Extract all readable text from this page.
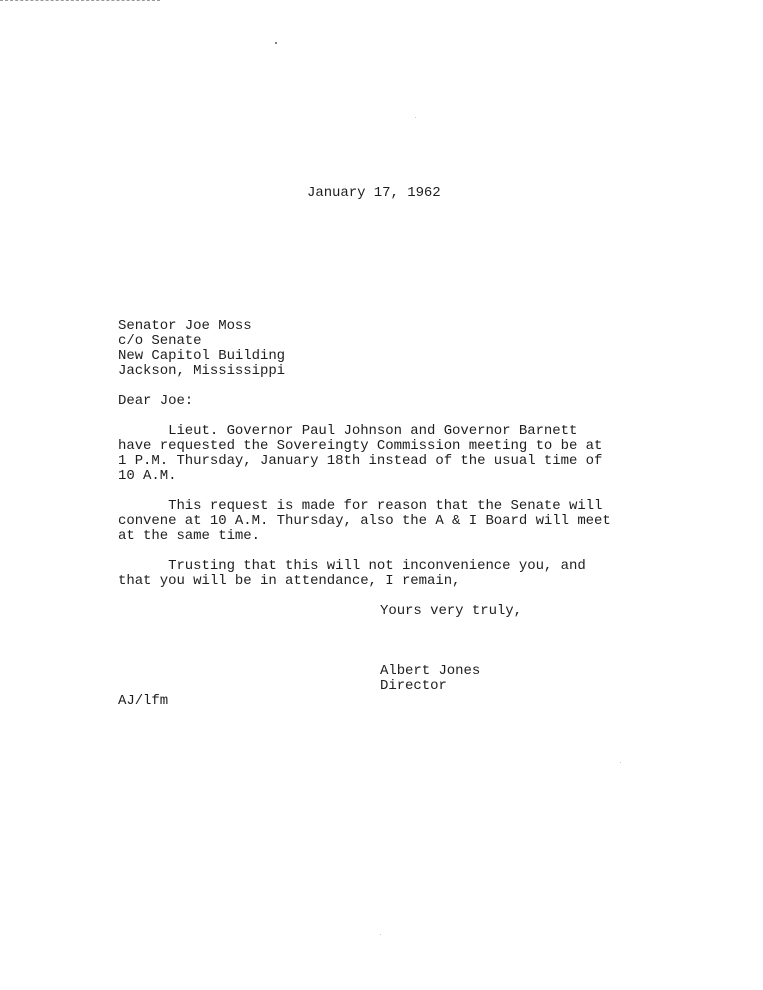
January 17, 1962
Senator Joe Moss
c/o Senate
New Capitol Building
Jackson, Mississippi
Dear Joe:
Lieut. Governor Paul Johnson and Governor Barnett
have requested the Sovereingty Commission meeting to be at
1 P.M. Thursday, January 18th instead of the usual time of
10 A.M.
This request is made for reason that the Senate will
convene at 10 A.M. Thursday, also the A & I Board will meet
at the same time.
Trusting that this will not inconvenience you, and
that you will be in attendance, I remain,
Yours very truly,
Albert Jones
Director
AJ/lfm
